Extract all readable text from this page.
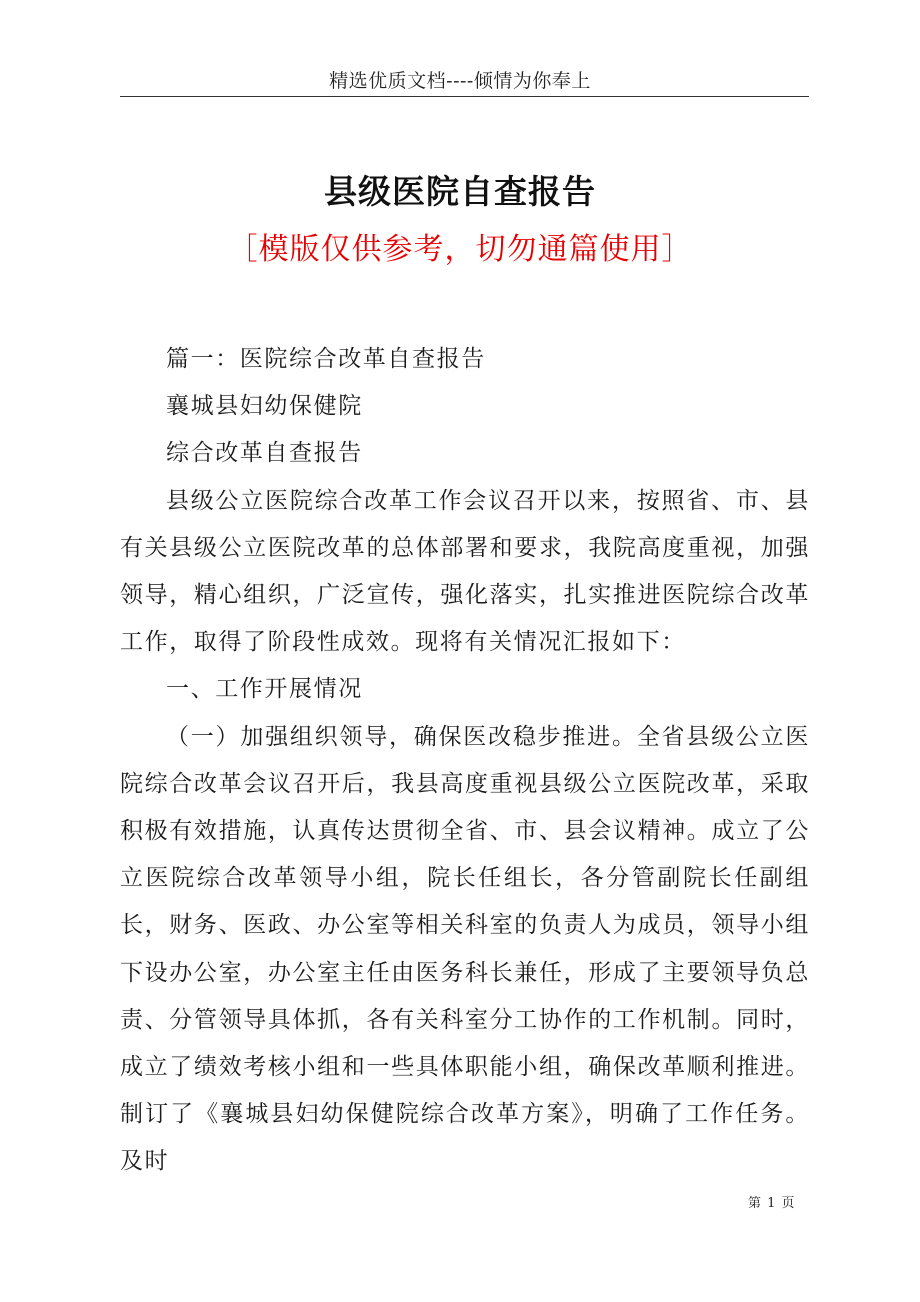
精选优质文档----倾情为你奉上
县级医院自查报告
［模版仅供参考，切勿通篇使用］

篇一：医院综合改革自查报告

襄城县妇幼保健院

综合改革自查报告

县级公立医院综合改革工作会议召开以来，按照省、市、县有关县级公立医院改革的总体部署和要求，我院高度重视，加强领导，精心组织，广泛宣传，强化落实，扎实推进医院综合改革工作，取得了阶段性成效。现将有关情况汇报如下：

一、工作开展情况

（一）加强组织领导，确保医改稳步推进。全省县级公立医院综合改革会议召开后，我县高度重视县级公立医院改革，采取积极有效措施，认真传达贯彻全省、市、县会议精神。成立了公立医院综合改革领导小组，院长任组长，各分管副院长任副组长，财务、医政、办公室等相关科室的负责人为成员，领导小组下设办公室，办公室主任由医务科长兼任，形成了主要领导负总责、分管领导具体抓，各有关科室分工协作的工作机制。同时，成立了绩效考核小组和一些具体职能小组，确保改革顺利推进。制订了《襄城县妇幼保健院综合改革方案》，明确了工作任务。及时

第 1 页
